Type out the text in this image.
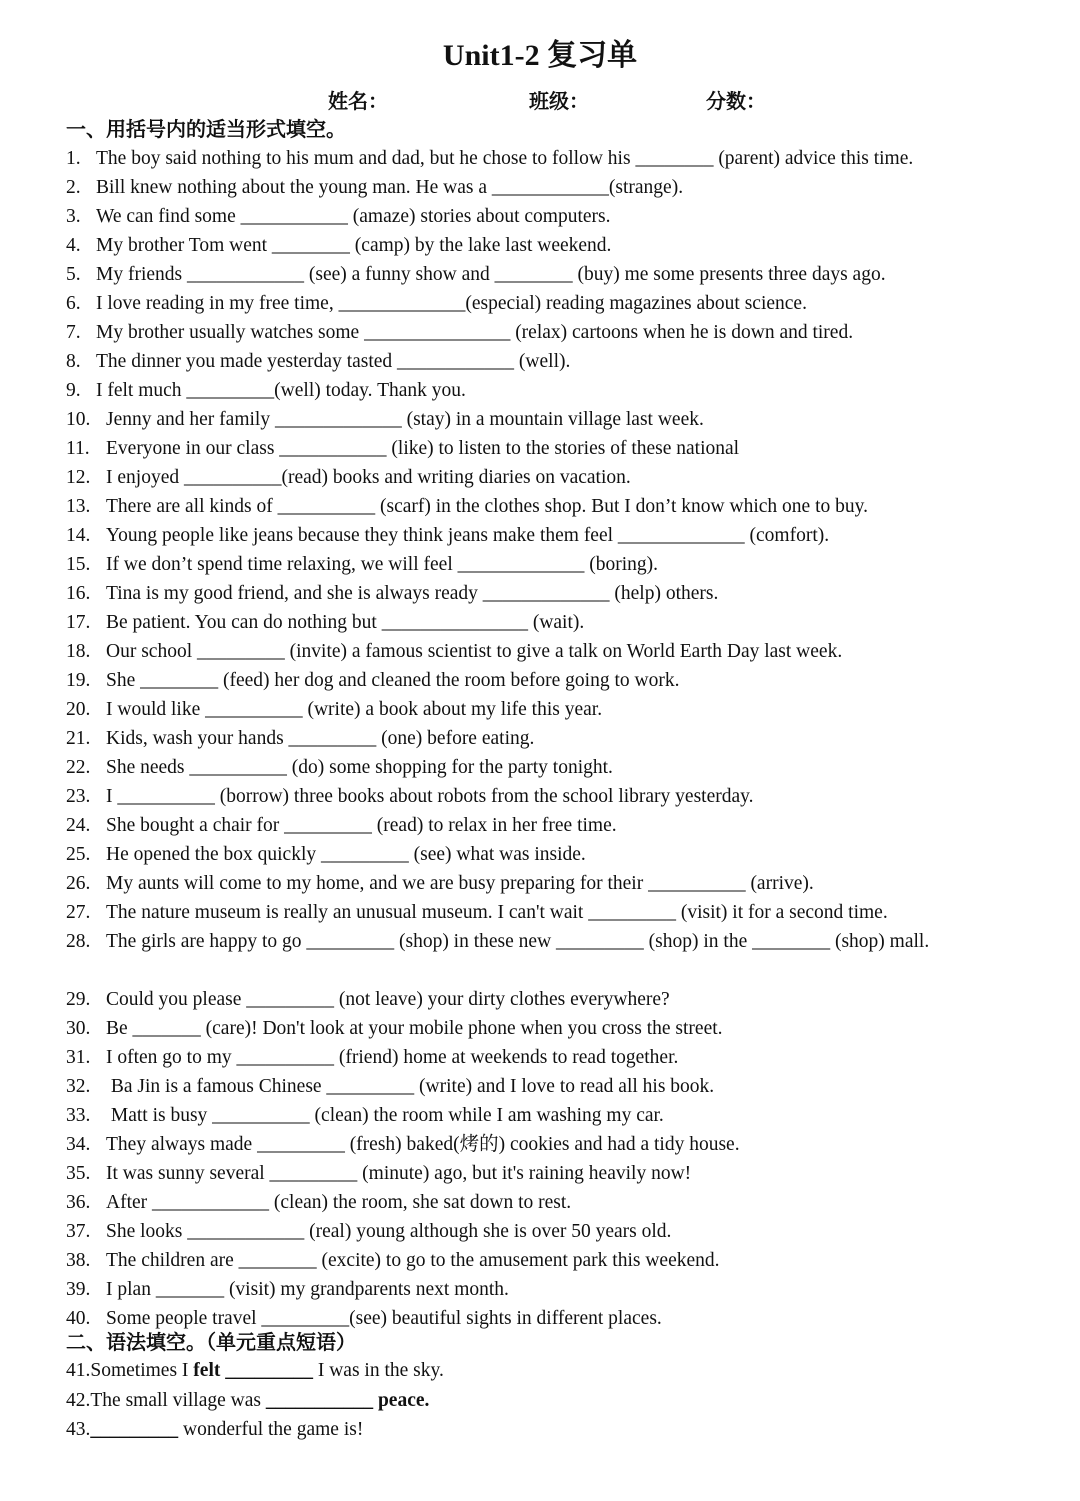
Unit1-2 复习单
姓名：	班级：	分数：
一、用括号内的适当形式填空。
1. The boy said nothing to his mum and dad, but he chose to follow his ________ (parent) advice this time.
2. Bill knew nothing about the young man. He was a ____________(strange).
3. We can find some ___________ (amaze) stories about computers.
4. My brother Tom went ________ (camp) by the lake last weekend.
5. My friends ____________ (see) a funny show and ________ (buy) me some presents three days ago.
6. I love reading in my free time, _____________(especial) reading magazines about science.
7. My brother usually watches some _______________ (relax) cartoons when he is down and tired.
8. The dinner you made yesterday tasted ____________ (well).
9. I felt much _________(well) today. Thank you.
10. Jenny and her family _____________ (stay) in a mountain village last week.
11. Everyone in our class ___________ (like) to listen to the stories of these national
12. I enjoyed __________(read) books and writing diaries on vacation.
13. There are all kinds of __________ (scarf) in the clothes shop. But I don’t know which one to buy.
14. Young people like jeans because they think jeans make them feel _____________ (comfort).
15. If we don’t spend time relaxing, we will feel _____________ (boring).
16. Tina is my good friend, and she is always ready _____________ (help) others.
17. Be patient. You can do nothing but _______________ (wait).
18. Our school _________ (invite) a famous scientist to give a talk on World Earth Day last week.
19. She ________ (feed) her dog and cleaned the room before going to work.
20. I would like __________ (write) a book about my life this year.
21. Kids, wash your hands _________ (one) before eating.
22. She needs __________ (do) some shopping for the party tonight.
23. I __________ (borrow) three books about robots from the school library yesterday.
24. She bought a chair for _________ (read) to relax in her free time.
25. He opened the box quickly _________ (see) what was inside.
26. My aunts will come to my home, and we are busy preparing for their __________ (arrive).
27. The nature museum is really an unusual museum. I can't wait _________ (visit) it for a second time.
28. The girls are happy to go _________ (shop) in these new _________ (shop) in the ________ (shop) mall.
29. Could you please _________ (not leave) your dirty clothes everywhere?
30. Be _______ (care)! Don't look at your mobile phone when you cross the street.
31. I often go to my __________ (friend) home at weekends to read together.
32. Ba Jin is a famous Chinese _________ (write) and I love to read all his book.
33. Matt is busy __________ (clean) the room while I am washing my car.
34. They always made _________ (fresh) baked(烤的) cookies and had a tidy house.
35. It was sunny several _________ (minute) ago, but it's raining heavily now!
36. After ____________ (clean) the room, she sat down to rest.
37. She looks ____________ (real) young although she is over 50 years old.
38. The children are ________ (excite) to go to the amusement park this weekend.
39. I plan _______ (visit) my grandparents next month.
40. Some people travel _________(see) beautiful sights in different places.
二、语法填空。（单元重点短语）
41.Sometimes I felt _________ I was in the sky.
42.The small village was ___________ peace.
43._________ wonderful the game is!
